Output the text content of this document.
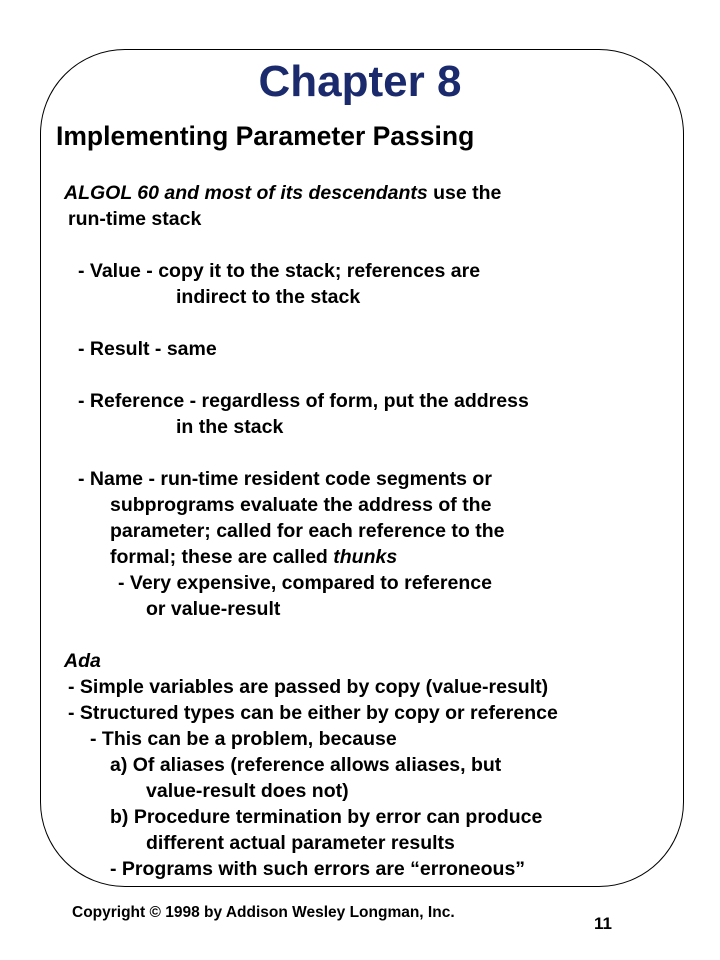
Chapter 8
Implementing Parameter Passing
ALGOL 60 and most of its descendants use the
run-time stack
- Value - copy it to the stack; references are
indirect to the stack
- Result - same
- Reference - regardless of form, put the address
in the stack
- Name - run-time resident code segments or
subprograms evaluate the address of the
parameter; called for each reference to the
formal; these are called thunks
- Very expensive, compared to reference
or value-result
Ada
- Simple variables are passed by copy (value-result)
- Structured types can be either by copy or reference
- This can be a problem, because
a) Of aliases (reference allows aliases, but
value-result does not)
b) Procedure termination by error can produce
different actual parameter results
- Programs with such errors are “erroneous”
Copyright © 1998 by Addison Wesley Longman, Inc.
11
